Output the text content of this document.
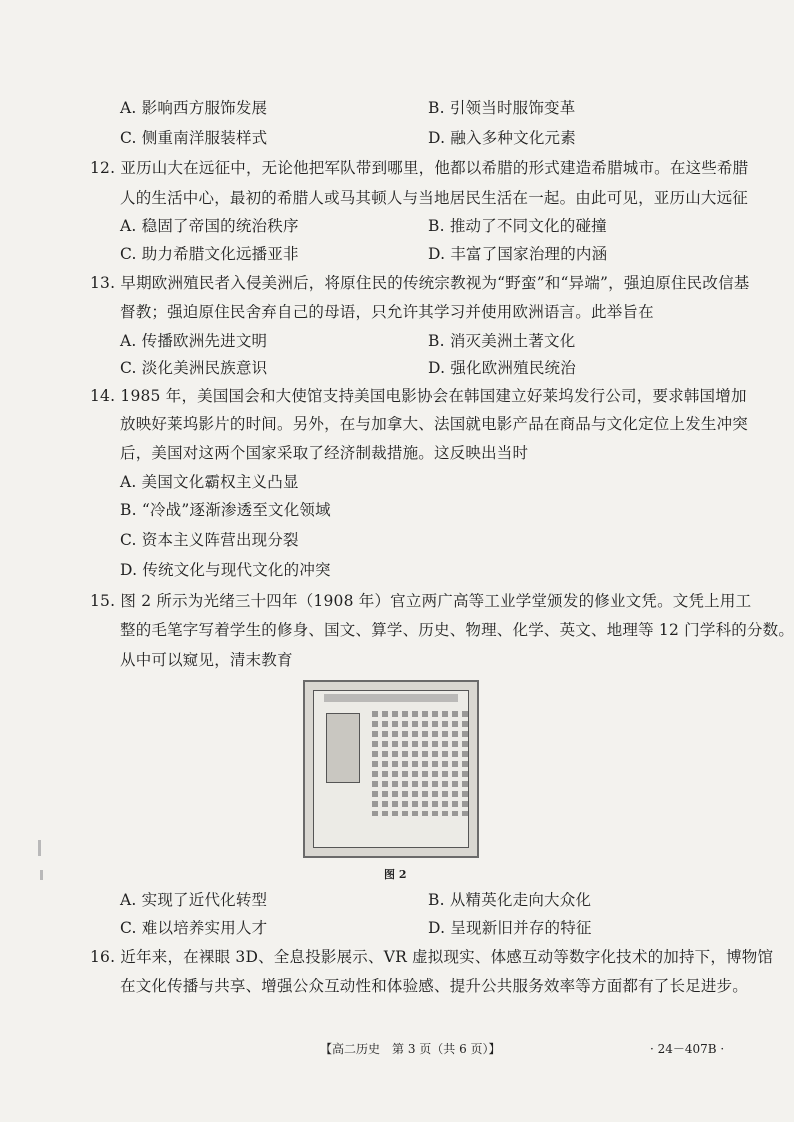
A. 影响西方服饰发展	B. 引领当时服饰变革
C. 侧重南洋服装样式	D. 融入多种文化元素
12. 亚历山大在远征中，无论他把军队带到哪里，他都以希腊的形式建造希腊城市。在这些希腊
人的生活中心，最初的希腊人或马其顿人与当地居民生活在一起。由此可见，亚历山大远征
A. 稳固了帝国的统治秩序	B. 推动了不同文化的碰撞
C. 助力希腊文化远播亚非	D. 丰富了国家治理的内涵
13. 早期欧洲殖民者入侵美洲后，将原住民的传统宗教视为“野蛮”和“异端”，强迫原住民改信基
督教；强迫原住民舍弃自己的母语，只允许其学习并使用欧洲语言。此举旨在
A. 传播欧洲先进文明	B. 消灭美洲土著文化
C. 淡化美洲民族意识	D. 强化欧洲殖民统治
14. 1985 年，美国国会和大使馆支持美国电影协会在韩国建立好莱坞发行公司，要求韩国增加
放映好莱坞影片的时间。另外，在与加拿大、法国就电影产品在商品与文化定位上发生冲突
后，美国对这两个国家采取了经济制裁措施。这反映出当时
A. 美国文化霸权主义凸显
B. “冷战”逐渐渗透至文化领域
C. 资本主义阵营出现分裂
D. 传统文化与现代文化的冲突
15. 图 2 所示为光绪三十四年（1908 年）官立两广高等工业学堂颁发的修业文凭。文凭上用工
整的毛笔字写着学生的修身、国文、算学、历史、物理、化学、英文、地理等 12 门学科的分数。
从中可以窥见，清末教育
图 2
A. 实现了近代化转型	B. 从精英化走向大众化
C. 难以培养实用人才	D. 呈现新旧并存的特征
16. 近年来，在裸眼 3D、全息投影展示、VR 虚拟现实、体感互动等数字化技术的加持下，博物馆
在文化传播与共享、增强公众互动性和体验感、提升公共服务效率等方面都有了长足进步。
【高二历史　第 3 页（共 6 页）】	· 24－407B ·
